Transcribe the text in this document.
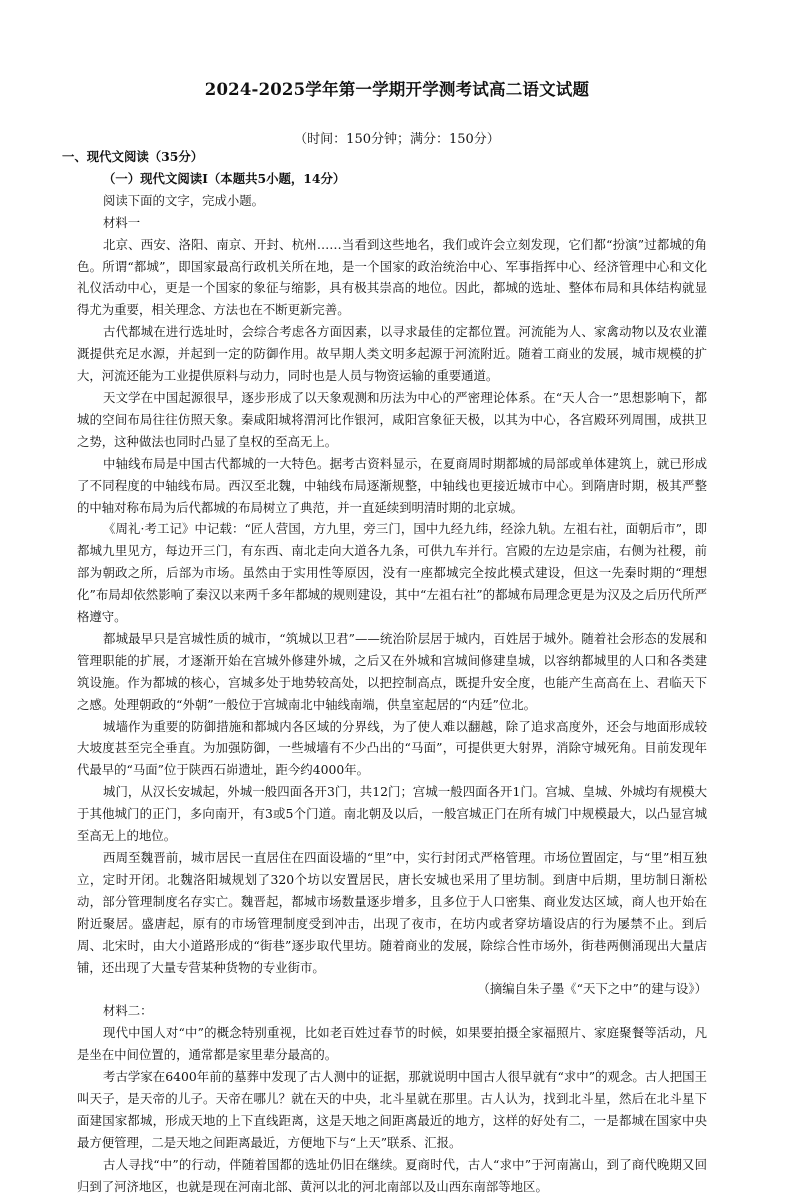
2024-2025学年第一学期开学测考试高二语文试题
（时间：150分钟；满分：150分）
一、现代文阅读（35分）
（一）现代文阅读Ⅰ（本题共5小题，14分）
阅读下面的文字，完成小题。
材料一
北京、西安、洛阳、南京、开封、杭州……当看到这些地名，我们或许会立刻发现，它们都“扮演”过都城的角色。所谓“都城”，即国家最高行政机关所在地，是一个国家的政治统治中心、军事指挥中心、经济管理中心和文化礼仪活动中心，更是一个国家的象征与缩影，具有极其崇高的地位。因此，都城的选址、整体布局和具体结构就显得尤为重要，相关理念、方法也在不断更新完善。
古代都城在进行选址时，会综合考虑各方面因素，以寻求最佳的定都位置。河流能为人、家禽动物以及农业灌溉提供充足水源，并起到一定的防御作用。故早期人类文明多起源于河流附近。随着工商业的发展，城市规模的扩大，河流还能为工业提供原料与动力，同时也是人员与物资运输的重要通道。
天文学在中国起源很早，逐步形成了以天象观测和历法为中心的严密理论体系。在“天人合一”思想影响下，都城的空间布局往往仿照天象。秦咸阳城将渭河比作银河，咸阳宫象征天极，以其为中心，各宫殿环列周围，成拱卫之势，这种做法也同时凸显了皇权的至高无上。
中轴线布局是中国古代都城的一大特色。据考古资料显示，在夏商周时期都城的局部或单体建筑上，就已形成了不同程度的中轴线布局。西汉至北魏，中轴线布局逐渐规整，中轴线也更接近城市中心。到隋唐时期，极其严整的中轴对称布局为后代都城的布局树立了典范，并一直延续到明清时期的北京城。
《周礼·考工记》中记载：“匠人营国，方九里，旁三门，国中九经九纬，经涂九轨。左祖右社，面朝后市”，即都城九里见方，每边开三门，有东西、南北走向大道各九条，可供九车并行。宫殿的左边是宗庙，右侧为社稷，前部为朝政之所，后部为市场。虽然由于实用性等原因，没有一座都城完全按此模式建设，但这一先秦时期的“理想化”布局却依然影响了秦汉以来两千多年都城的规则建设，其中“左祖右社”的都城布局理念更是为汉及之后历代所严格遵守。
都城最早只是宫城性质的城市，“筑城以卫君”——统治阶层居于城内，百姓居于城外。随着社会形态的发展和管理职能的扩展，才逐渐开始在宫城外修建外城，之后又在外城和宫城间修建皇城，以容纳都城里的人口和各类建筑设施。作为都城的核心，宫城多处于地势较高处，以把控制高点，既提升安全度，也能产生高高在上、君临天下之感。处理朝政的“外朝”一般位于宫城南北中轴线南端，供皇室起居的“内廷”位北。
城墙作为重要的防御措施和都城内各区域的分界线，为了使人难以翻越，除了追求高度外，还会与地面形成较大坡度甚至完全垂直。为加强防御，一些城墙有不少凸出的“马面”，可提供更大射界，消除守城死角。目前发现年代最早的“马面”位于陕西石峁遗址，距今约4000年。
城门，从汉长安城起，外城一般四面各开3门，共12门；宫城一般四面各开1门。宫城、皇城、外城均有规模大于其他城门的正门，多向南开，有3或5个门道。南北朝及以后，一般宫城正门在所有城门中规模最大，以凸显宫城至高无上的地位。
西周至魏晋前，城市居民一直居住在四面设墙的“里”中，实行封闭式严格管理。市场位置固定，与“里”相互独立，定时开闭。北魏洛阳城规划了320个坊以安置居民，唐长安城也采用了里坊制。到唐中后期，里坊制日渐松动，部分管理制度名存实亡。魏晋起，都城市场数量逐步增多，且多位于人口密集、商业发达区域，商人也开始在附近聚居。盛唐起，原有的市场管理制度受到冲击，出现了夜市，在坊内或者穿坊墙设店的行为屡禁不止。到后周、北宋时，由大小道路形成的“街巷”逐步取代里坊。随着商业的发展，除综合性市场外，街巷两侧涌现出大量店铺，还出现了大量专营某种货物的专业街市。
（摘编自朱子墨《“天下之中”的建与设》）
材料二：
现代中国人对“中”的概念特别重视，比如老百姓过春节的时候，如果要拍摄全家福照片、家庭聚餐等活动，凡是坐在中间位置的，通常都是家里辈分最高的。
考古学家在6400年前的墓葬中发现了古人测中的证据，那就说明中国古人很早就有“求中”的观念。古人把国王叫天子，是天帝的儿子。天帝在哪儿？就在天的中央，北斗星就在那里。古人认为，找到北斗星，然后在北斗星下面建国家都城，形成天地的上下直线距离，这是天地之间距离最近的地方，这样的好处有二，一是都城在国家中央最方便管理，二是天地之间距离最近，方便地下与“上天”联系、汇报。
古人寻找“中”的行动，伴随着国都的选址仍旧在继续。夏商时代，古人“求中”于河南嵩山，到了商代晚期又回归到了河济地区，也就是现在河南北部、黄河以北的河北南部以及山西东南部等地区。
